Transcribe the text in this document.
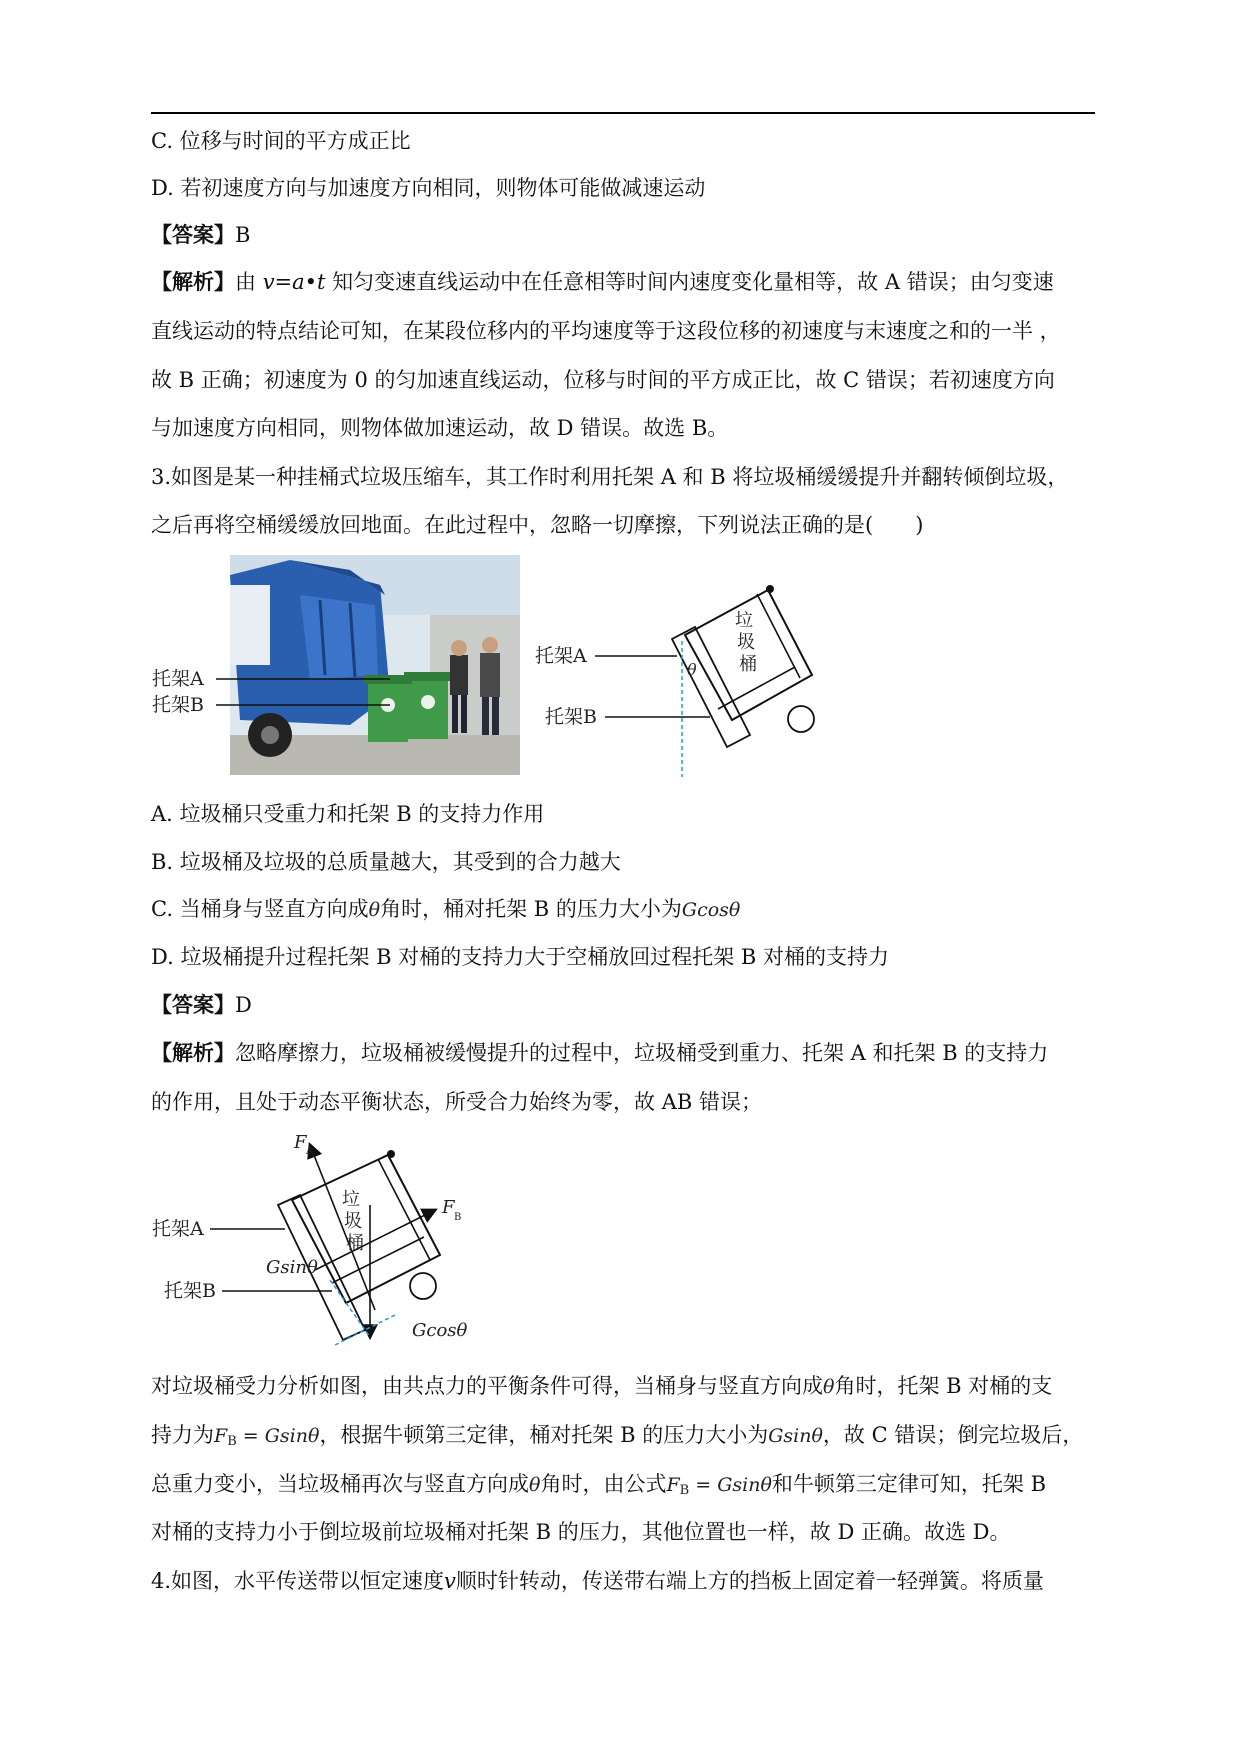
C. 位移与时间的平方成正比
D. 若初速度方向与加速度方向相同，则物体可能做减速运动
【答案】B
【解析】由 v=a•t 知匀变速直线运动中在任意相等时间内速度变化量相等，故 A 错误；由匀变速
直线运动的特点结论可知，在某段位移内的平均速度等于这段位移的初速度与末速度之和的一半 ，
故 B 正确；初速度为 0 的匀加速直线运动，位移与时间的平方成正比，故 C 错误；若初速度方向
与加速度方向相同，则物体做加速运动，故 D 错误。故选 B。
3.如图是某一种挂桶式垃圾压缩车，其工作时利用托架 A 和 B 将垃圾桶缓缓提升并翻转倾倒垃圾，
之后再将空桶缓缓放回地面。在此过程中，忽略一切摩擦，下列说法正确的是(　　)
托架A
托架B
垃
圾
桶
θ
托架A
托架B
A. 垃圾桶只受重力和托架 B 的支持力作用
B. 垃圾桶及垃圾的总质量越大，其受到的合力越大
C. 当桶身与竖直方向成θ角时，桶对托架 B 的压力大小为Gcosθ
D. 垃圾桶提升过程托架 B 对桶的支持力大于空桶放回过程托架 B 对桶的支持力
【答案】D
【解析】忽略摩擦力，垃圾桶被缓慢提升的过程中，垃圾桶受到重力、托架 A 和托架 B 的支持力
的作用，且处于动态平衡状态，所受合力始终为零，故 AB 错误；
F A
F B
托架A
托架B
Gsinθ
Gcosθ
垃
圾
桶
对垃圾桶受力分析如图，由共点力的平衡条件可得，当桶身与竖直方向成θ角时，托架 B 对桶的支
持力为$F_B = Gsin\theta$，根据牛顿第三定律，桶对托架 B 的压力大小为Gsinθ，故 C 错误；倒完垃圾后，
总重力变小，当垃圾桶再次与竖直方向成θ角时，由公式$F_B = Gsin\theta$和牛顿第三定律可知，托架 B
对桶的支持力小于倒垃圾前垃圾桶对托架 B 的压力，其他位置也一样，故 D 正确。故选 D。
4.如图，水平传送带以恒定速度v顺时针转动，传送带右端上方的挡板上固定着一轻弹簧。将质量
